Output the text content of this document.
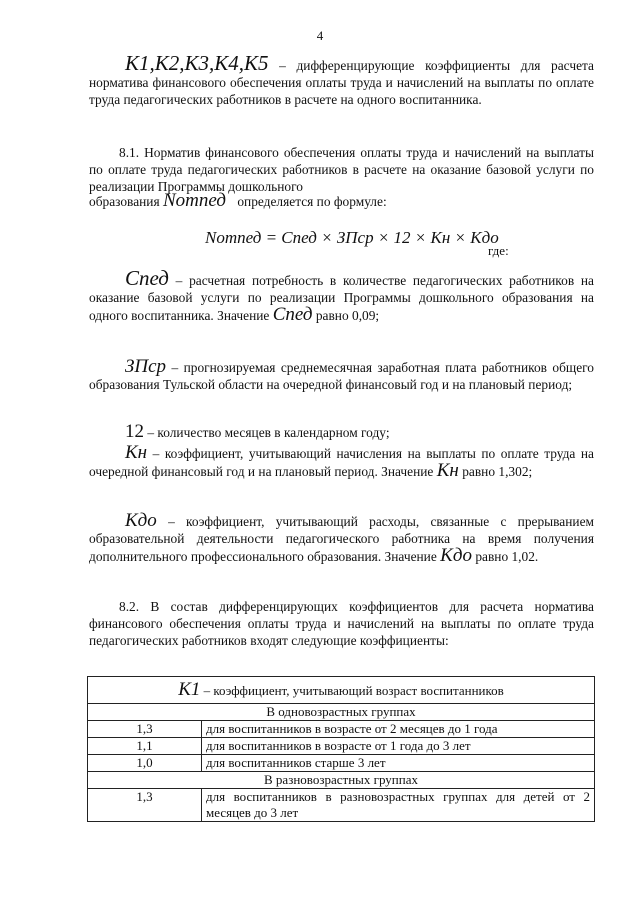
4
K1,K2,K3,K4,K5 – дифференцирующие коэффициенты для расчета норматива финансового обеспечения оплаты труда и начислений на выплаты по оплате труда педагогических работников в расчете на одного воспитанника.
8.1. Норматив финансового обеспечения оплаты труда и начислений на выплаты по оплате труда педагогических работников в расчете на оказание базовой услуги по реализации Программы дошкольного
образования Nотпед определяется по формуле:
Nотпед = Cпед × ЗПср × 12 × Kн × Kдо
где:
Cпед – расчетная потребность в количестве педагогических работников на оказание базовой услуги по реализации Программы дошкольного образования на одного воспитанника. Значение Cпед равно 0,09;
ЗПср – прогнозируемая среднемесячная заработная плата работников общего образования Тульской области на очередной финансовый год и на плановый период;
12 – количество месяцев в календарном году;
Kн – коэффициент, учитывающий начисления на выплаты по оплате труда на очередной финансовый год и на плановый период. Значение Kн равно 1,302;
Kдо – коэффициент, учитывающий расходы, связанные с прерыванием образовательной деятельности педагогического работника на время получения дополнительного профессионального образования. Значение Kдо равно 1,02.
8.2. В состав дифференцирующих коэффициентов для расчета норматива финансового обеспечения оплаты труда и начислений на выплаты по оплате труда педагогических работников входят следующие коэффициенты:
K1 – коэффициент, учитывающий возраст воспитанников	
В одновозрастных группах	
1,3	для воспитанников в возрасте от 2 месяцев до 1 года
1,1	для воспитанников в возрасте от 1 года до 3 лет
1,0	для воспитанников старше 3 лет
В разновозрастных группах	
1,3	для воспитанников в разновозрастных группах для детей от 2 месяцев до 3 лет
